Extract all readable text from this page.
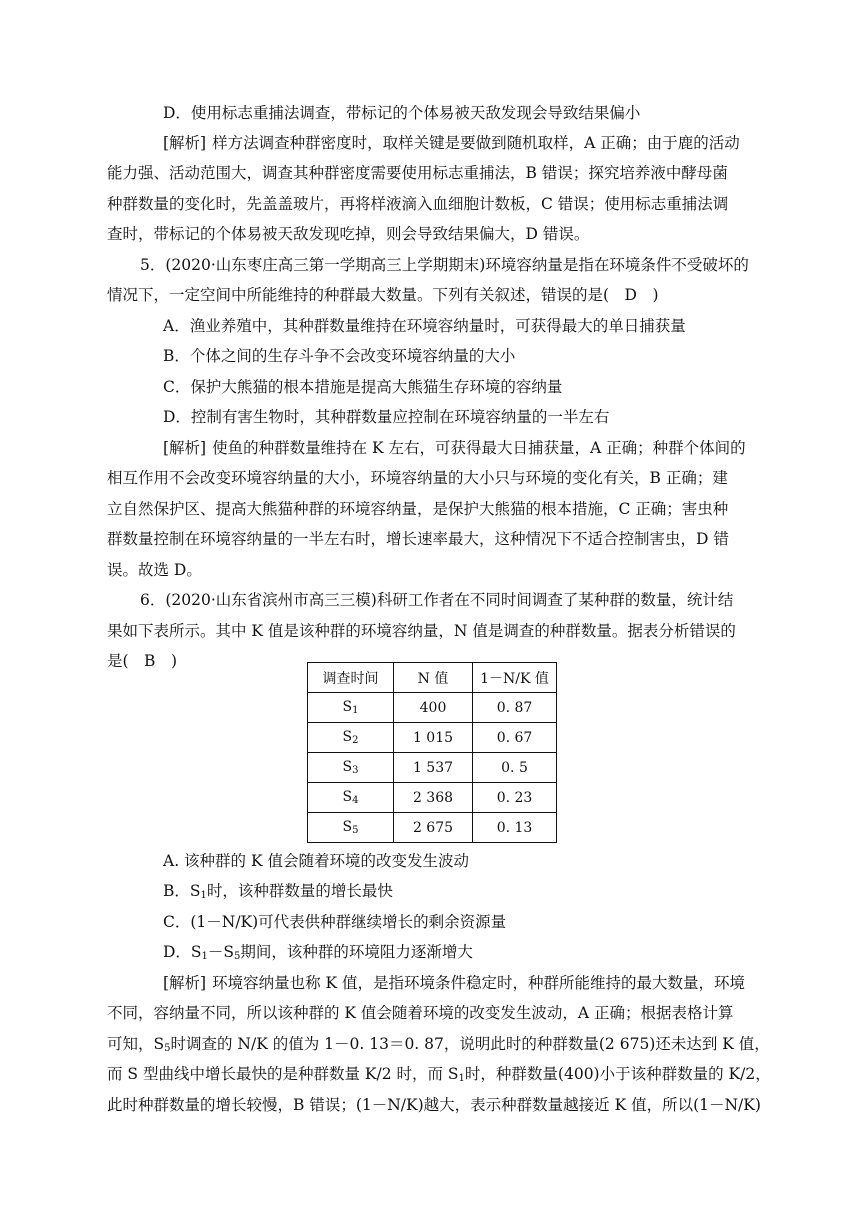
D．使用标志重捕法调查，带标记的个体易被天敌发现会导致结果偏小
[解析] 样方法调查种群密度时，取样关键是要做到随机取样，A 正确；由于鹿的活动
能力强、活动范围大，调查其种群密度需要使用标志重捕法，B 错误；探究培养液中酵母菌
种群数量的变化时，先盖盖玻片，再将样液滴入血细胞计数板，C 错误；使用标志重捕法调
查时，带标记的个体易被天敌发现吃掉，则会导致结果偏大，D 错误。
5．(2020·山东枣庄高三第一学期高三上学期期末)环境容纳量是指在环境条件不受破坏的
情况下，一定空间中所能维持的种群最大数量。下列有关叙述，错误的是(　D　)
A．渔业养殖中，其种群数量维持在环境容纳量时，可获得最大的单日捕获量
B．个体之间的生存斗争不会改变环境容纳量的大小
C．保护大熊猫的根本措施是提高大熊猫生存环境的容纳量
D．控制有害生物时，其种群数量应控制在环境容纳量的一半左右
[解析] 使鱼的种群数量维持在 K 左右，可获得最大日捕获量，A 正确；种群个体间的
相互作用不会改变环境容纳量的大小，环境容纳量的大小只与环境的变化有关，B 正确；建
立自然保护区、提高大熊猫种群的环境容纳量，是保护大熊猫的根本措施，C 正确；害虫种
群数量控制在环境容纳量的一半左右时，增长速率最大，这种情况下不适合控制害虫，D 错
误。故选 D。
6．(2020·山东省滨州市高三三模)科研工作者在不同时间调查了某种群的数量，统计结
果如下表所示。其中 K 值是该种群的环境容纳量，N 值是调查的种群数量。据表分析错误的
是(　B　)
A. 该种群的 K 值会随着环境的改变发生波动
B．$S_1$时，该种群数量的增长最快
C．(1－N/K)可代表供种群继续增长的剩余资源量
D．$S_1-S_5$期间，该种群的环境阻力逐渐增大
[解析] 环境容纳量也称 K 值，是指环境条件稳定时，种群所能维持的最大数量，环境
不同，容纳量不同，所以该种群的 K 值会随着环境的改变发生波动，A 正确；根据表格计算
可知，$S_5$时调查的 N/K 的值为 1－0. 13＝0. 87，说明此时的种群数量(2 675)还未达到 K 值，
而 S 型曲线中增长最快的是种群数量 K/2 时，而 $S_1$时，种群数量(400)小于该种群数量的 K/2，
此时种群数量的增长较慢，B 错误；(1－N/K)越大，表示种群数量越接近 K 值，所以(1－N/K)
调查时间	N 值	1－N/K 值
$S_1$	400	0. 87
$S_2$	1 015	0. 67
$S_3$	1 537	0. 5
$S_4$	2 368	0. 23
$S_5$	2 675	0. 13
